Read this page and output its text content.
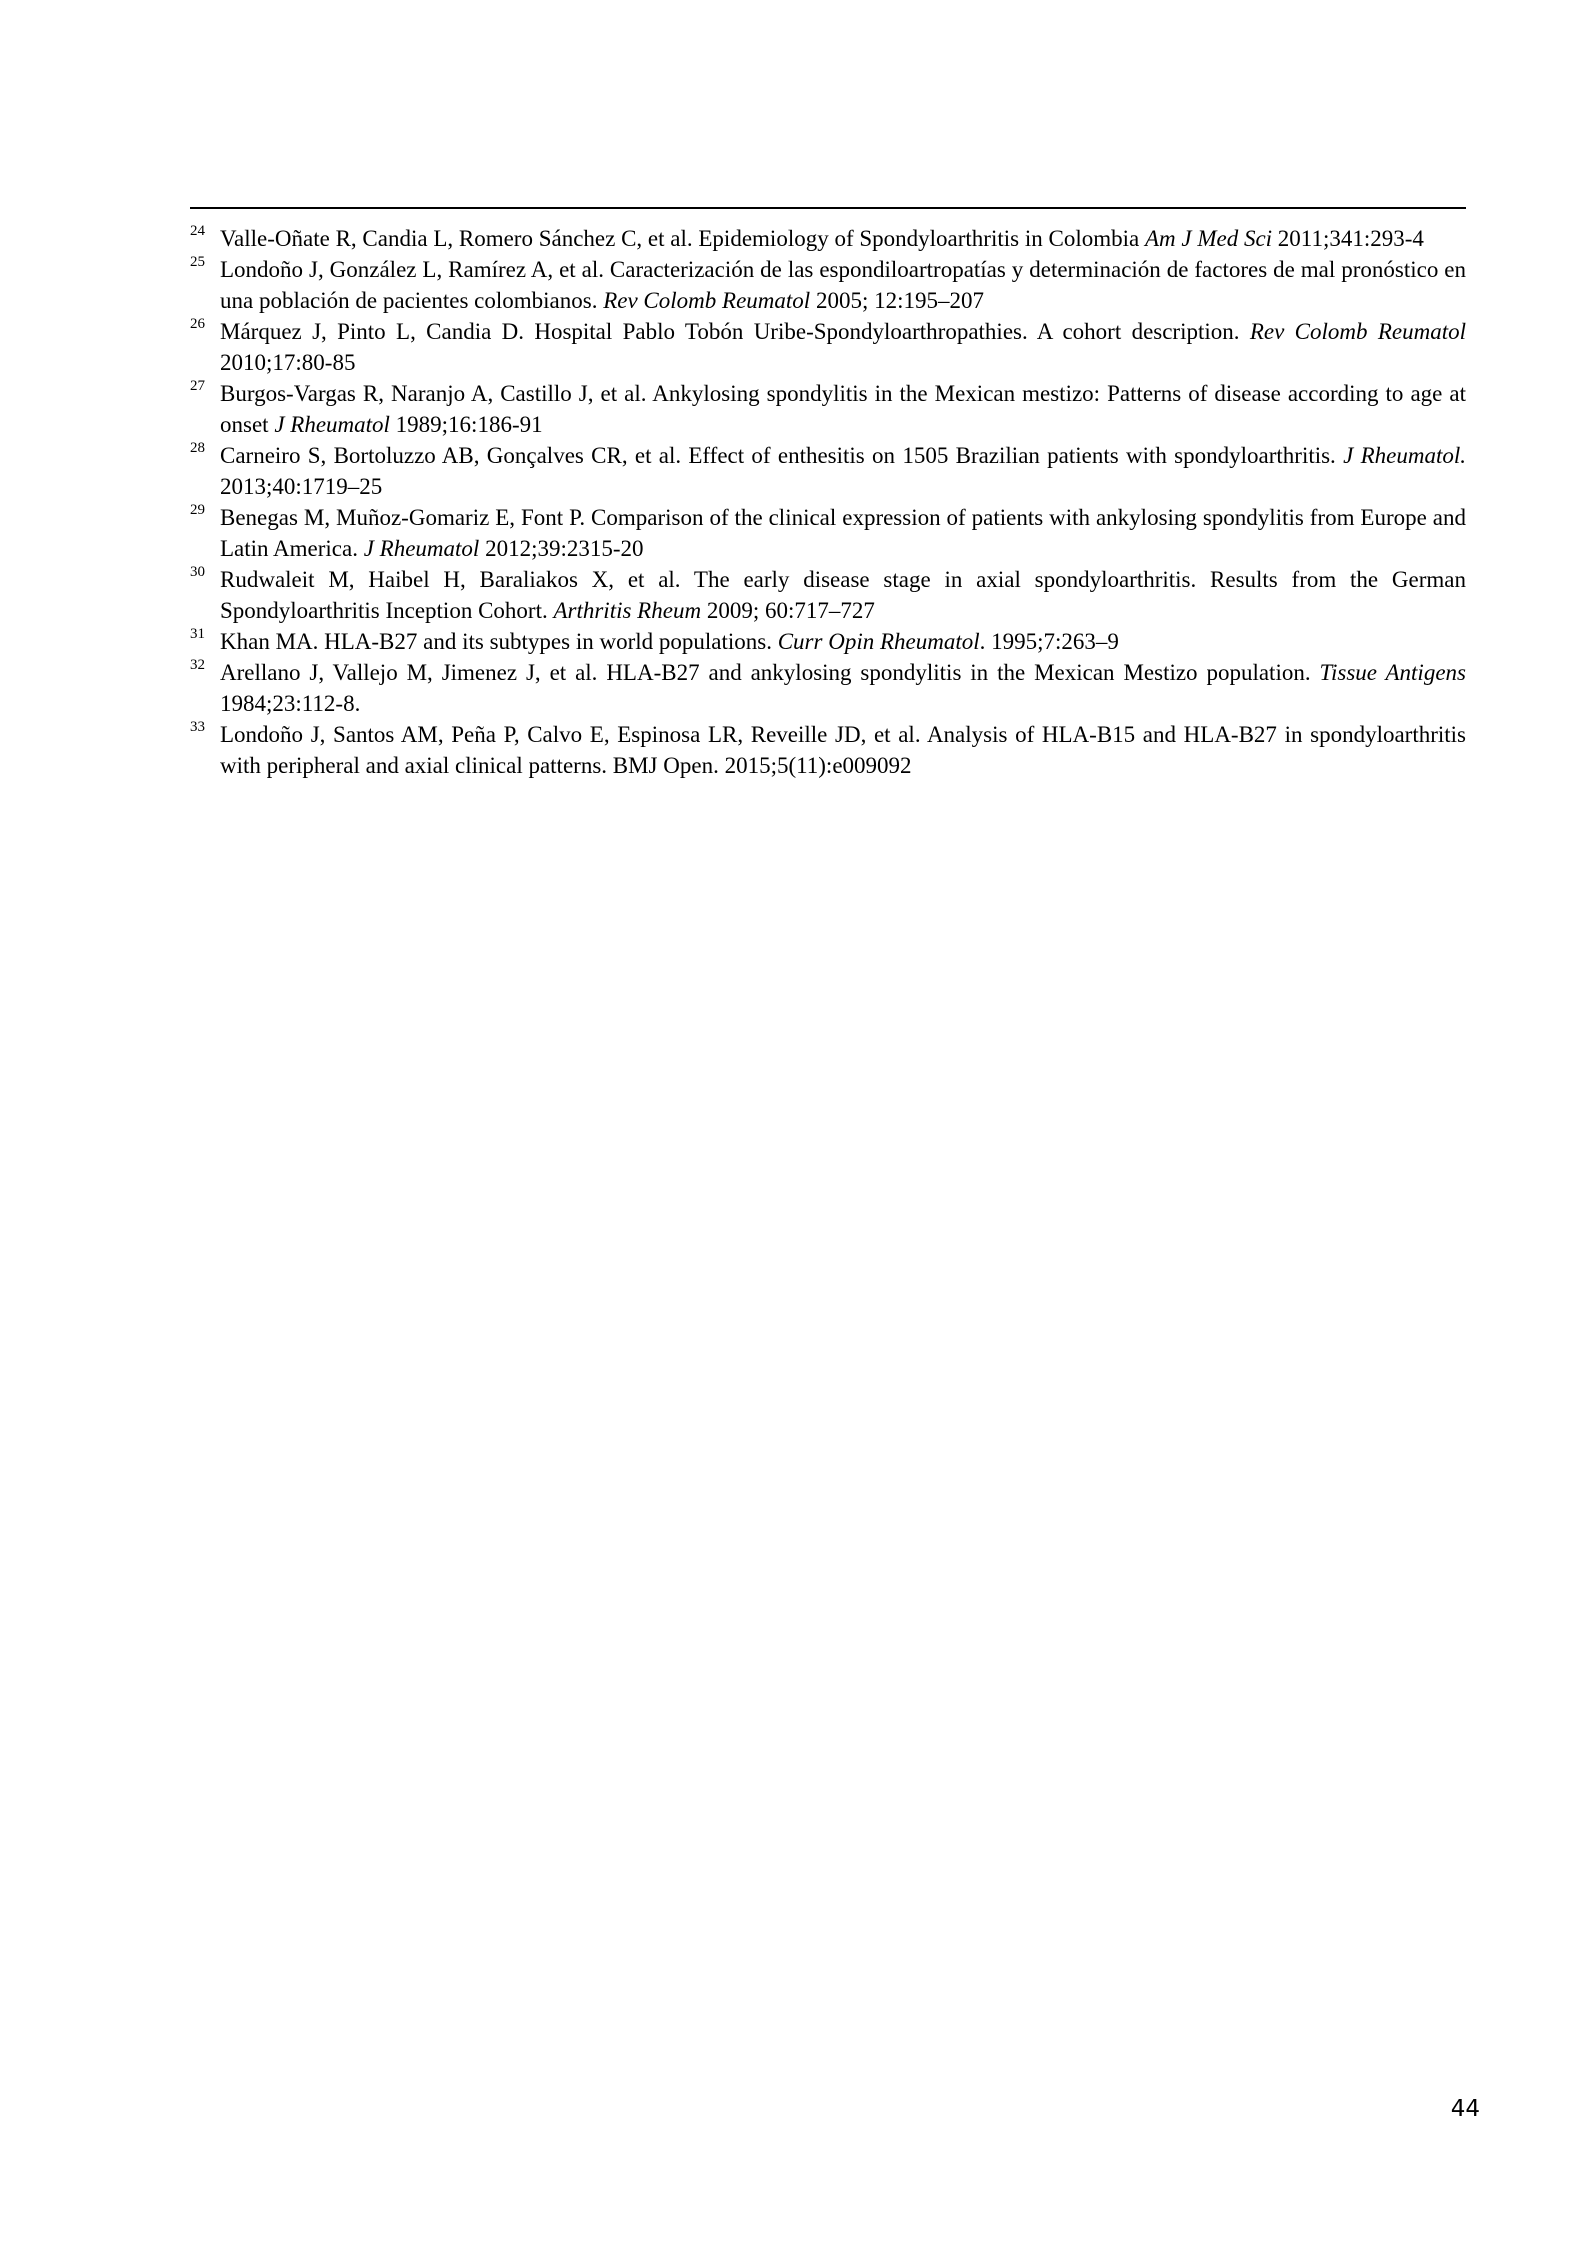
24 Valle-Oñate R, Candia L, Romero Sánchez C, et al. Epidemiology of Spondyloarthritis in Colombia Am J Med Sci 2011;341:293-4
25 Londoño J, González L, Ramírez A, et al. Caracterización de las espondiloartropatías y determinación de factores de mal pronóstico en una población de pacientes colombianos. Rev Colomb Reumatol 2005; 12:195–207
26 Márquez J, Pinto L, Candia D. Hospital Pablo Tobón Uribe-Spondyloarthropathies. A cohort description. Rev Colomb Reumatol 2010;17:80-85
27 Burgos-Vargas R, Naranjo A, Castillo J, et al. Ankylosing spondylitis in the Mexican mestizo: Patterns of disease according to age at onset J Rheumatol 1989;16:186-91
28 Carneiro S, Bortoluzzo AB, Gonçalves CR, et al. Effect of enthesitis on 1505 Brazilian patients with spondyloarthritis. J Rheumatol. 2013;40:1719–25
29 Benegas M, Muñoz-Gomariz E, Font P. Comparison of the clinical expression of patients with ankylosing spondylitis from Europe and Latin America. J Rheumatol 2012;39:2315-20
30 Rudwaleit M, Haibel H, Baraliakos X, et al. The early disease stage in axial spondyloarthritis. Results from the German Spondyloarthritis Inception Cohort. Arthritis Rheum 2009; 60:717–727
31 Khan MA. HLA-B27 and its subtypes in world populations. Curr Opin Rheumatol. 1995;7:263–9
32 Arellano J, Vallejo M, Jimenez J, et al. HLA-B27 and ankylosing spondylitis in the Mexican Mestizo population. Tissue Antigens 1984;23:112-8.
33 Londoño J, Santos AM, Peña P, Calvo E, Espinosa LR, Reveille JD, et al. Analysis of HLA-B15 and HLA-B27 in spondyloarthritis with peripheral and axial clinical patterns. BMJ Open. 2015;5(11):e009092
44
